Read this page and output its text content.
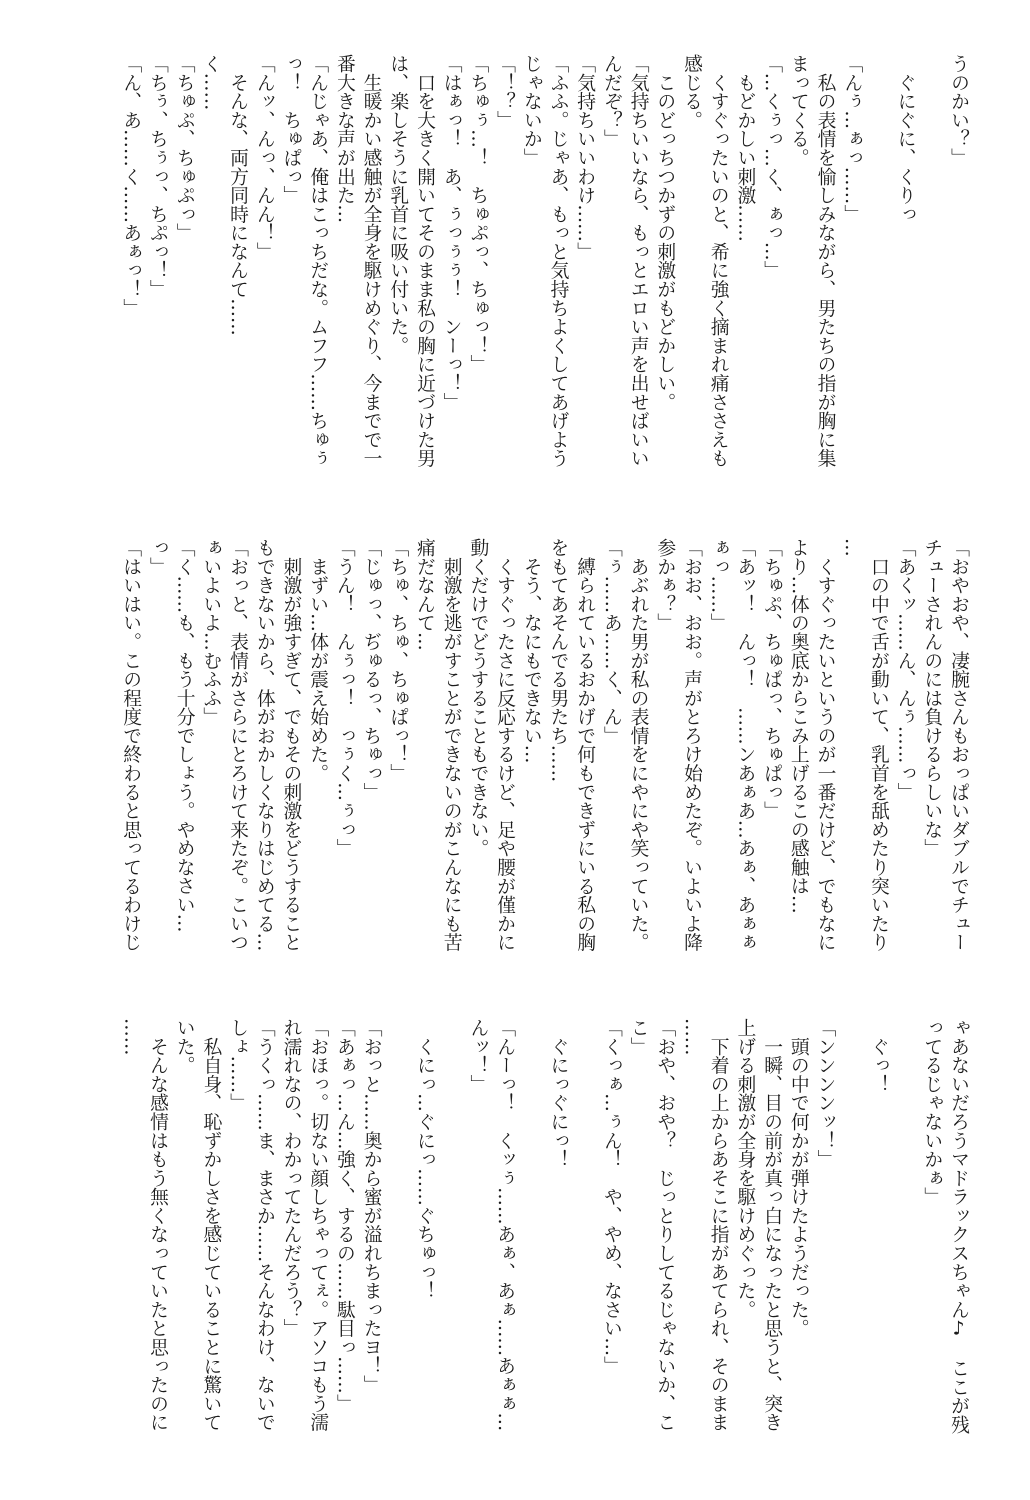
うのかい？」
　ぐにぐに、くりっ
「んぅ…ぁっ……」
　私の表情を愉しみながら、男たちの指が胸に集
まってくる。
「…くぅっ…く、ぁっ…」
　もどかしい刺激……
　くすぐったいのと、希に強く摘まれ痛ささえも
感じる。
　このどっちつかずの刺激がもどかしい。
「気持ちいいなら、もっとエロい声を出せばいい
んだぞ？」
「気持ちいいわけ……」
「ふふ。じゃあ、もっと気持ちよくしてあげよう
じゃないか」
「！？」
「ちゅぅ…！　ちゅぷっ、ちゅっ！」
「はぁっ！　あ、ぅっぅぅ！　ンーっ！」
　口を大きく開いてそのまま私の胸に近づけた男
は、楽しそうに乳首に吸い付いた。
　生暖かい感触が全身を駆けめぐり、今までで一
番大きな声が出た…
「んじゃあ、俺はこっちだな。ムフフ……ちゅぅ
っ！　ちゅぱっ」
「んッ、んっ、んん！」
　そんな、両方同時になんて……
く……
「ちゅぷ、ちゅぷっ」
「ちぅ、ちぅっ、ちぷっ！」
「ん、あ……く……あぁっ！」
「おやおや、凄腕さんもおっぱいダブルでチュー
チューされんのには負けるらしいな」
「あくッ……ん、んぅ……っ」
　口の中で舌が動いて、乳首を舐めたり突いたり
…
　くすぐったいというのが一番だけど、でもなに
より…体の奥底からこみ上げるこの感触は…
「ちゅぷ、ちゅぱっ、ちゅぱっ」
「あッ！　んっ！　……ンあぁあ…あぁ、あぁぁ
ぁっ……」
「おお、おお。声がとろけ始めたぞ。いよいよ降
参かぁ？」
　あぶれた男が私の表情をにやにや笑っていた。
「ぅ……あ……く、ん」
　縛られているおかげで何もできずにいる私の胸
をもてあそんでる男たち……
　そう、なにもできない…
　くすぐったさに反応するけど、足や腰が僅かに
動くだけでどうすることもできない。
　刺激を逃がすことができないのがこんなにも苦
痛だなんて…
「ちゅ、ちゅ、ちゅぱっ！」
「じゅっ、ぢゅるっ、ちゅっ」
「うん！　んぅっ！　っぅく…ぅっ」
　まずい…体が震え始めた。
　刺激が強すぎて、でもその刺激をどうすること
もできないから、体がおかしくなりはじめてる…
「おっと、表情がさらにとろけて来たぞ。こいつ
ぁいよいよ…むふふ」
「く……も、もう十分でしょう。やめなさい…
っ」
「はいはい。この程度で終わると思ってるわけじ
ゃあないだろうマドラックスちゃん♪　ここが残
ってるじゃないかぁ」
　ぐっ！
「ンンンンッ！」
　頭の中で何かが弾けたようだった。
　一瞬、目の前が真っ白になったと思うと、突き
上げる刺激が全身を駆けめぐった。
　下着の上からあそこに指があてられ、そのまま
……
「おや、おや？　じっとりしてるじゃないか、こ
こ」
「くっぁ…ぅん！　や、やめ、なさい…」
　ぐにっぐにっ！
「んーっ！　くッぅ……あぁ、あぁ……あぁぁ…
んッ！」
　くにっ…ぐにっ……ぐちゅっ！
「おっと……奥から蜜が溢れちまったヨ！」
「あぁっ…ん…強く、するの……駄目っ……」
「おほっ。切ない顔しちゃってぇ。アソコもう濡
れ濡れなの、わかってたんだろう？」
「うくっ……ま、まさか……そんなわけ、ないで
しょ……」
　私自身、恥ずかしさを感じていることに驚いて
いた。
　そんな感情はもう無くなっていたと思ったのに
……
